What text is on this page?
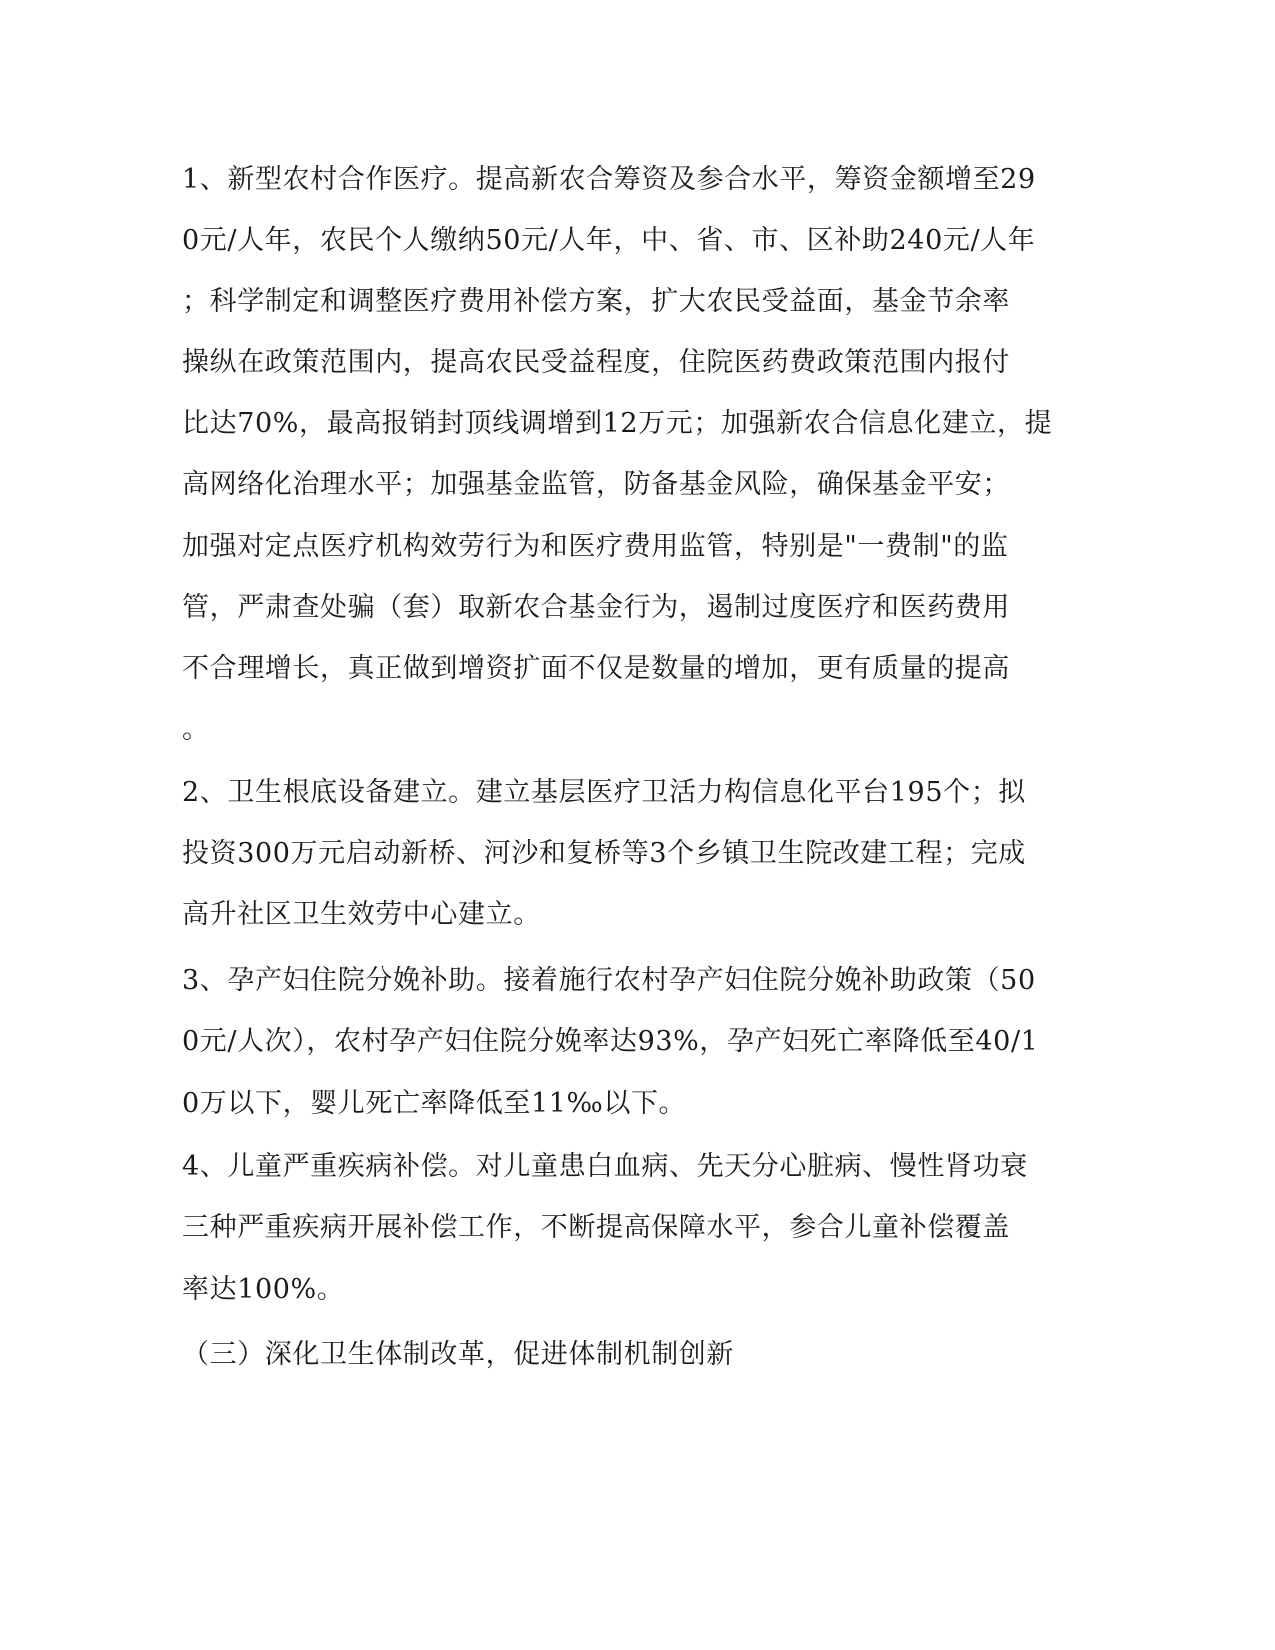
1、新型农村合作医疗。提高新农合筹资及参合水平，筹资金额增至29
0元/人年，农民个人缴纳50元/人年，中、省、市、区补助240元/人年
；科学制定和调整医疗费用补偿方案，扩大农民受益面，基金节余率
操纵在政策范围内，提高农民受益程度，住院医药费政策范围内报付
比达70%，最高报销封顶线调增到12万元；加强新农合信息化建立，提
高网络化治理水平；加强基金监管，防备基金风险，确保基金平安；
加强对定点医疗机构效劳行为和医疗费用监管，特别是"一费制"的监
管，严肃查处骗（套）取新农合基金行为，遏制过度医疗和医药费用
不合理增长，真正做到增资扩面不仅是数量的增加，更有质量的提高
。
2、卫生根底设备建立。建立基层医疗卫活力构信息化平台195个；拟
投资300万元启动新桥、河沙和复桥等3个乡镇卫生院改建工程；完成
高升社区卫生效劳中心建立。
3、孕产妇住院分娩补助。接着施行农村孕产妇住院分娩补助政策（50
0元/人次），农村孕产妇住院分娩率达93%，孕产妇死亡率降低至40/1
0万以下，婴儿死亡率降低至11‰以下。
4、儿童严重疾病补偿。对儿童患白血病、先天分心脏病、慢性肾功衰
三种严重疾病开展补偿工作，不断提高保障水平，参合儿童补偿覆盖
率达100%。
（三）深化卫生体制改革，促进体制机制创新
